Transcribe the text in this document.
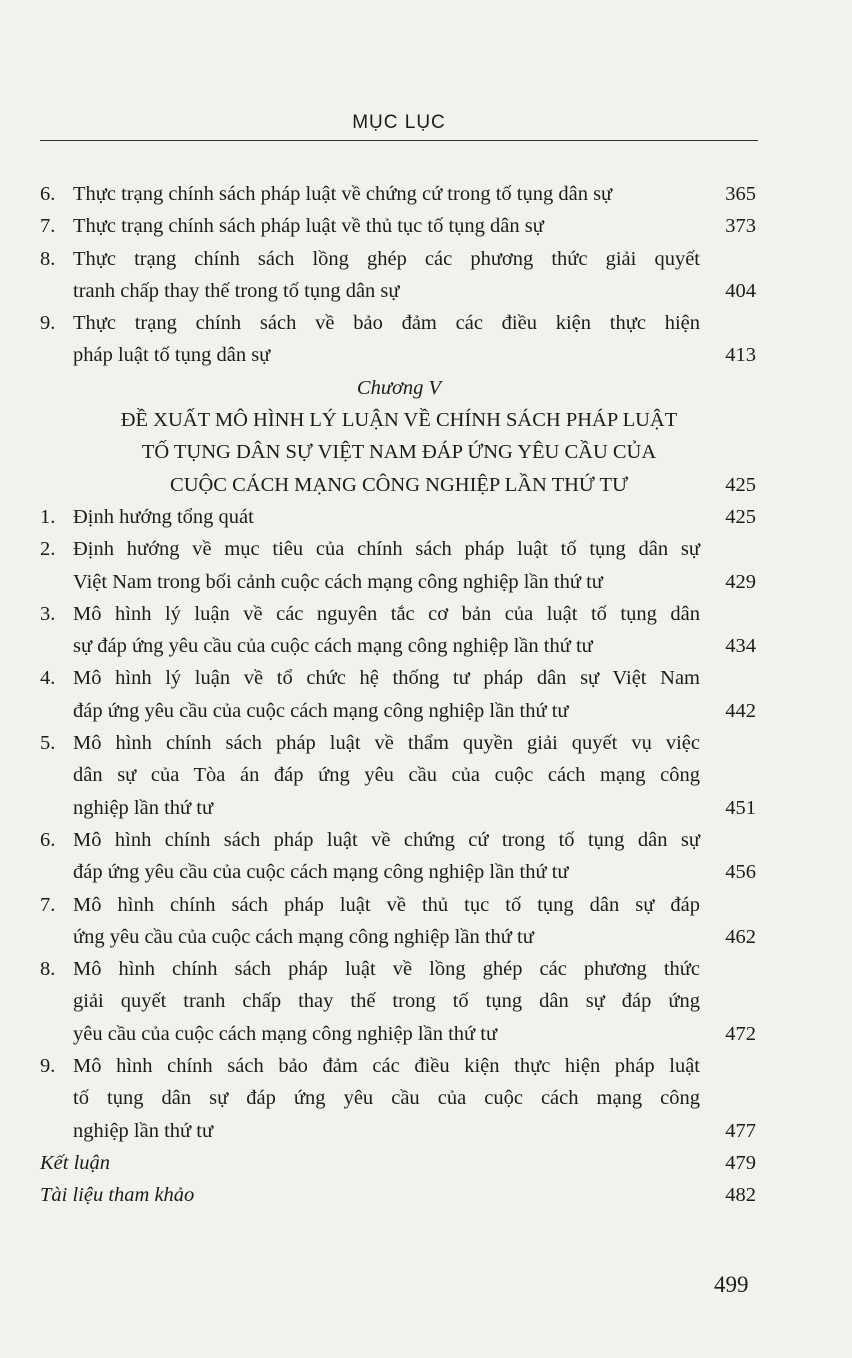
MỤC LỤC
6. Thực trạng chính sách pháp luật về chứng cứ trong tố tụng dân sự	365
7. Thực trạng chính sách pháp luật về thủ tục tố tụng dân sự	373
8. Thực trạng chính sách lồng ghép các phương thức giải quyết
tranh chấp thay thế trong tố tụng dân sự	404
9. Thực trạng chính sách về bảo đảm các điều kiện thực hiện
pháp luật tố tụng dân sự	413
Chương V
ĐỀ XUẤT MÔ HÌNH LÝ LUẬN VỀ CHÍNH SÁCH PHÁP LUẬT
TỐ TỤNG DÂN SỰ VIỆT NAM ĐÁP ỨNG YÊU CẦU CỦA
CUỘC CÁCH MẠNG CÔNG NGHIỆP LẦN THỨ TƯ	425
1. Định hướng tổng quát	425
2. Định hướng về mục tiêu của chính sách pháp luật tố tụng dân sự
Việt Nam trong bối cảnh cuộc cách mạng công nghiệp lần thứ tư	429
3. Mô hình lý luận về các nguyên tắc cơ bản của luật tố tụng dân
sự đáp ứng yêu cầu của cuộc cách mạng công nghiệp lần thứ tư	434
4. Mô hình lý luận về tổ chức hệ thống tư pháp dân sự Việt Nam
đáp ứng yêu cầu của cuộc cách mạng công nghiệp lần thứ tư	442
5. Mô hình chính sách pháp luật về thẩm quyền giải quyết vụ việc
dân sự của Tòa án đáp ứng yêu cầu của cuộc cách mạng công
nghiệp lần thứ tư	451
6. Mô hình chính sách pháp luật về chứng cứ trong tố tụng dân sự
đáp ứng yêu cầu của cuộc cách mạng công nghiệp lần thứ tư	456
7. Mô hình chính sách pháp luật về thủ tục tố tụng dân sự đáp
ứng yêu cầu của cuộc cách mạng công nghiệp lần thứ tư	462
8. Mô hình chính sách pháp luật về lồng ghép các phương thức
giải quyết tranh chấp thay thế trong tố tụng dân sự đáp ứng
yêu cầu của cuộc cách mạng công nghiệp lần thứ tư	472
9. Mô hình chính sách bảo đảm các điều kiện thực hiện pháp luật
tố tụng dân sự đáp ứng yêu cầu của cuộc cách mạng công
nghiệp lần thứ tư	477
Kết luận	479
Tài liệu tham khảo	482
499
